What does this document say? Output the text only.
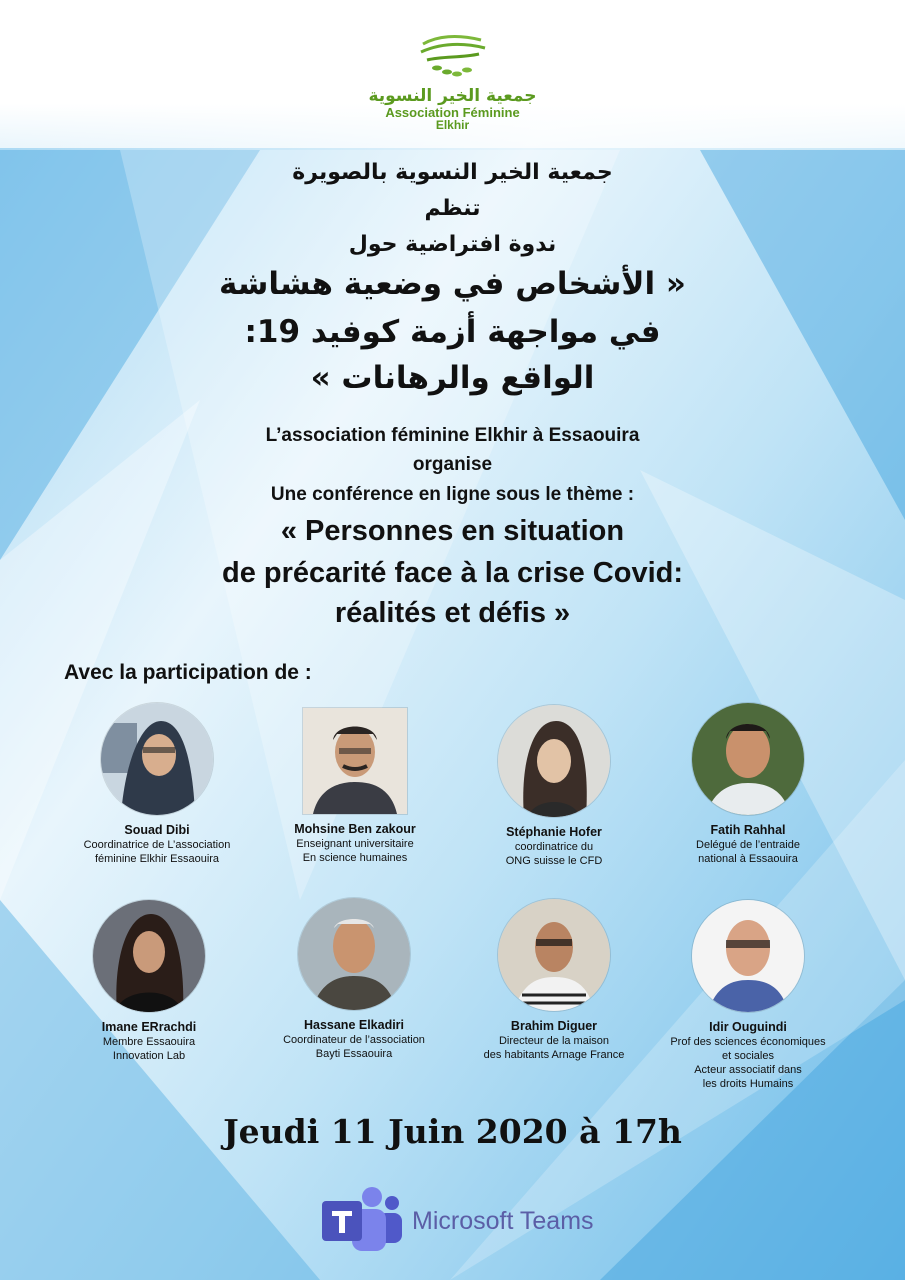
جمعية الخير النسوية
Association Féminine
Elkhir
جمعية الخير النسوية بالصويرة
تنظم
ندوة افتراضية حول
« الأشخاص في وضعية هشاشة
في مواجهة أزمة كوفيد 19:
الواقع والرهانات »
L’association féminine Elkhir à Essaouira
organise
Une conférence en ligne sous le thème :
« Personnes en situation
de précarité face à la crise Covid:
réalités et défis »
Avec la participation de :
Souad Dibi
Coordinatrice de L’association
féminine Elkhir Essaouira
Mohsine Ben zakour
Enseignant universitaire
En science humaines
Stéphanie Hofer
coordinatrice du
ONG suisse le CFD
Fatih Rahhal
Delégué de l’entraide
national à Essaouira
Imane ERrachdi
Membre Essaouira
Innovation Lab
Hassane Elkadiri
Coordinateur de l’association
Bayti Essaouira
Brahim Diguer
Directeur de la maison
des habitants Arnage France
Idir Ouguindi
Prof des sciences économiques
et sociales
Acteur associatif dans
les droits Humains
Jeudi 11 Juin 2020 à 17h
Microsoft Teams
